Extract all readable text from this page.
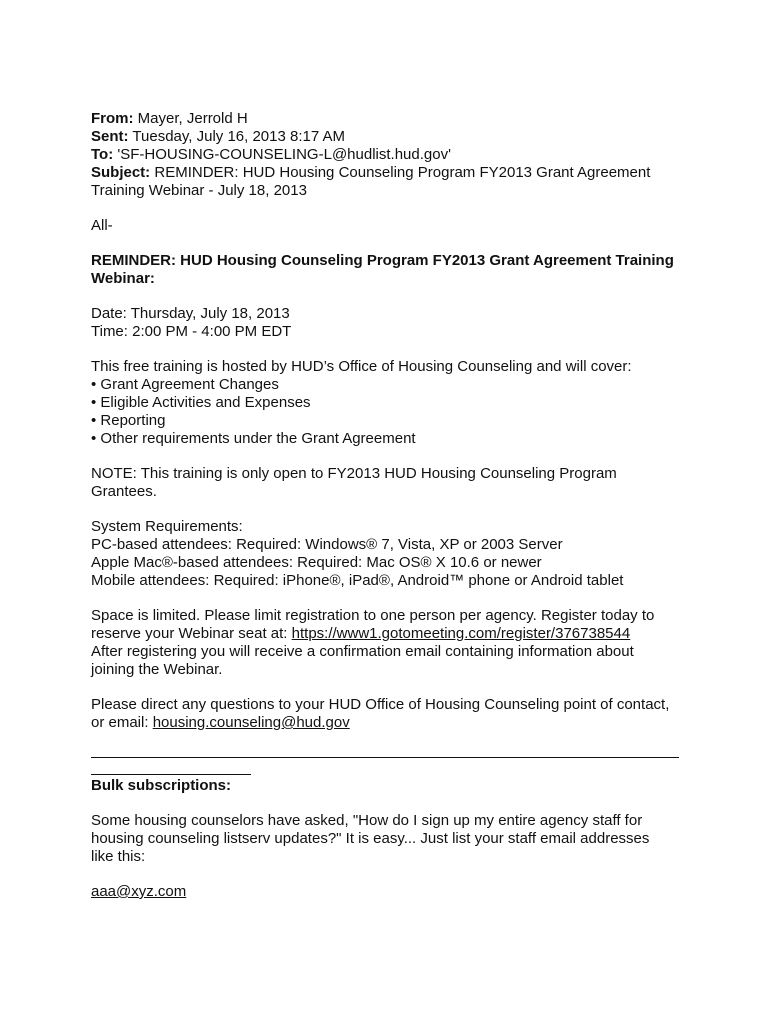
From: Mayer, Jerrold H
Sent: Tuesday, July 16, 2013 8:17 AM
To: 'SF-HOUSING-COUNSELING-L@hudlist.hud.gov'
Subject: REMINDER: HUD Housing Counseling Program FY2013 Grant Agreement
Training Webinar - July 18, 2013
All-
REMINDER: HUD Housing Counseling Program FY2013 Grant Agreement Training
Webinar:
Date: Thursday, July 18, 2013
Time: 2:00 PM - 4:00 PM EDT
This free training is hosted by HUD’s Office of Housing Counseling and will cover:
• Grant Agreement Changes
• Eligible Activities and Expenses
• Reporting
• Other requirements under the Grant Agreement
NOTE: This training is only open to FY2013 HUD Housing Counseling Program
Grantees.
System Requirements:
PC-based attendees: Required: Windows® 7, Vista, XP or 2003 Server
Apple Mac®-based attendees: Required: Mac OS® X 10.6 or newer
Mobile attendees: Required: iPhone®, iPad®, Android™ phone or Android tablet
Space is limited. Please limit registration to one person per agency. Register today to
reserve your Webinar seat at: https://www1.gotomeeting.com/register/376738544
After registering you will receive a confirmation email containing information about
joining the Webinar.
Please direct any questions to your HUD Office of Housing Counseling point of contact,
or email: housing.counseling@hud.gov
Bulk subscriptions:
Some housing counselors have asked, "How do I sign up my entire agency staff for
housing counseling listserv updates?" It is easy... Just list your staff email addresses
like this:
aaa@xyz.com
